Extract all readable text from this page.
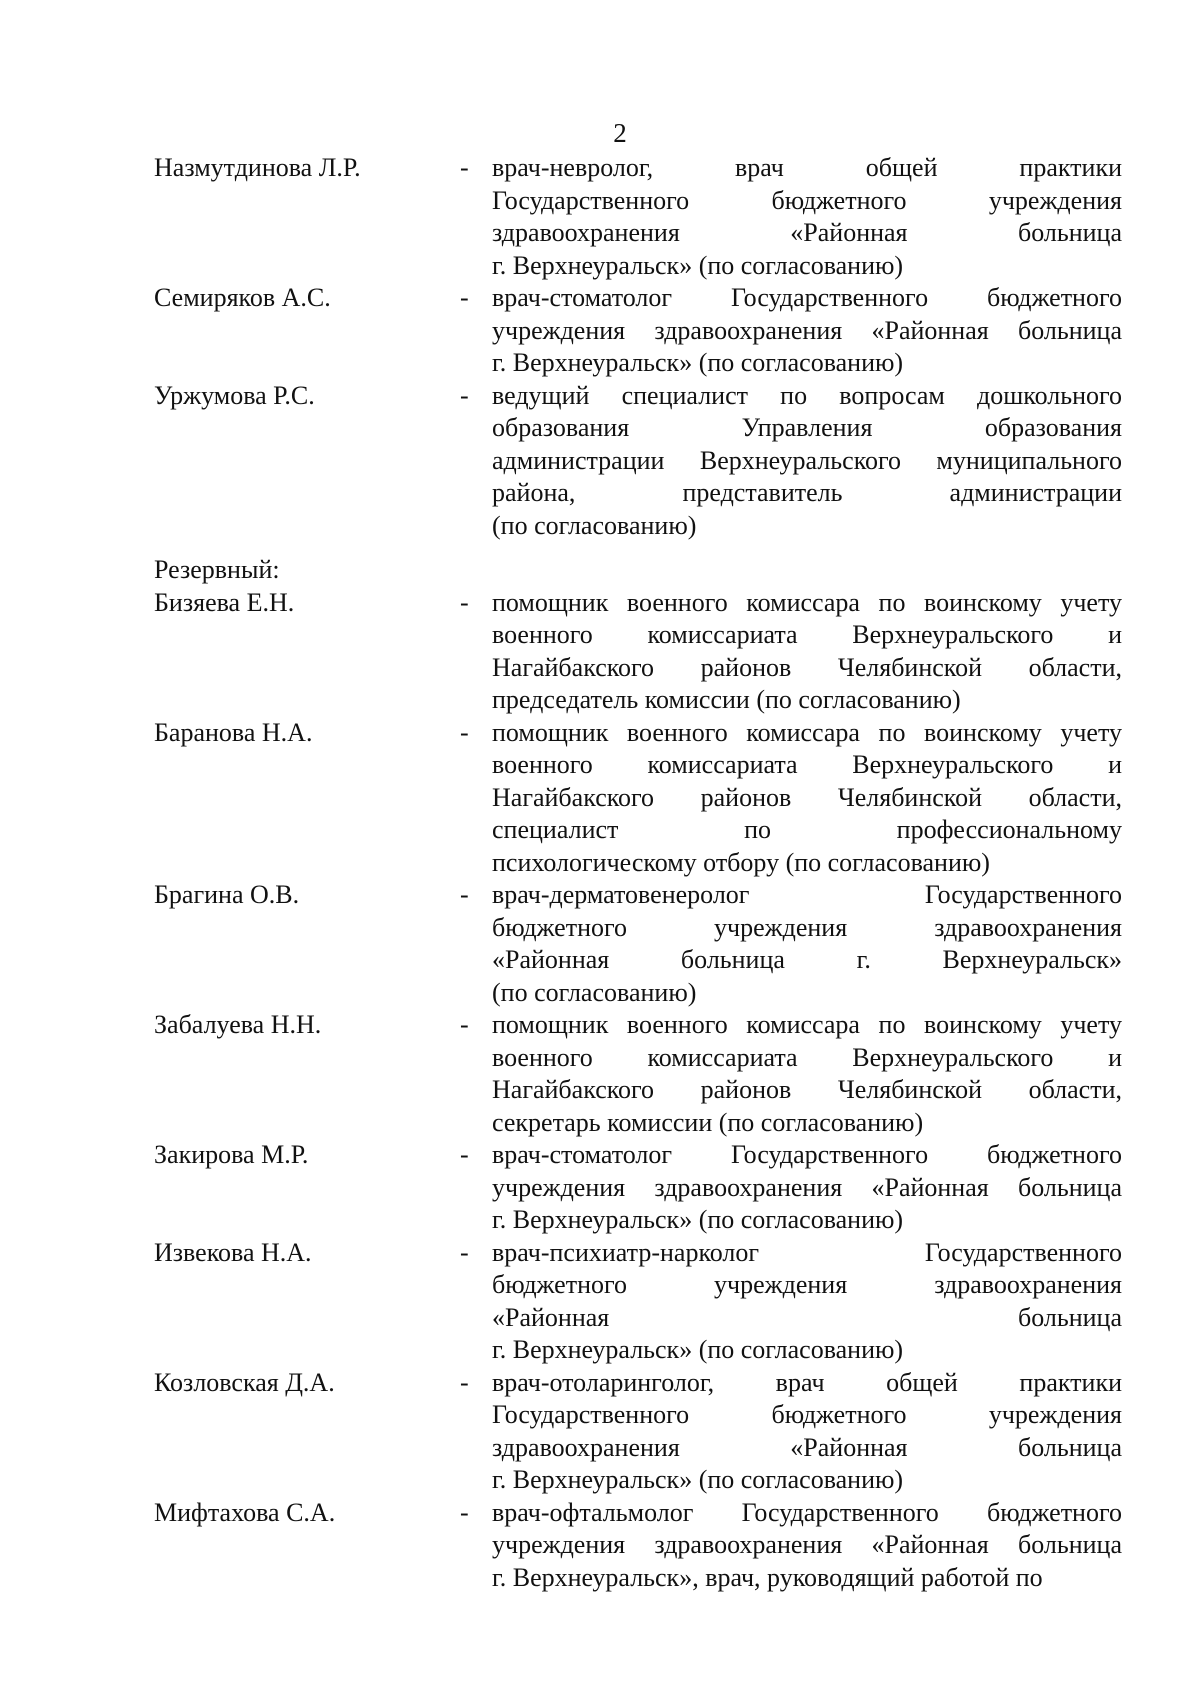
2
Назмутдинова Л.Р.	- врач-невролог, врач общей практики
Государственного бюджетного учреждения
здравоохранения «Районная больница
г. Верхнеуральск» (по согласованию)
Семиряков А.С.	- врач-стоматолог Государственного бюджетного
учреждения здравоохранения «Районная больница
г. Верхнеуральск» (по согласованию)
Уржумова Р.С.	- ведущий специалист по вопросам дошкольного
образования Управления образования
администрации Верхнеуральского муниципального
района, представитель администрации
(по согласованию)
Резервный:
Бизяева Е.Н.	- помощник военного комиссара по воинскому учету
военного комиссариата Верхнеуральского и
Нагайбакского районов Челябинской области,
председатель комиссии (по согласованию)
Баранова Н.А.	- помощник военного комиссара по воинскому учету
военного комиссариата Верхнеуральского и
Нагайбакского районов Челябинской области,
специалист по профессиональному
психологическому отбору (по согласованию)
Брагина О.В.	- врач-дерматовенеролог Государственного
бюджетного учреждения здравоохранения
«Районная больница г. Верхнеуральск»
(по согласованию)
Забалуева Н.Н.	- помощник военного комиссара по воинскому учету
военного комиссариата Верхнеуральского и
Нагайбакского районов Челябинской области,
секретарь комиссии (по согласованию)
Закирова М.Р.	- врач-стоматолог Государственного бюджетного
учреждения здравоохранения «Районная больница
г. Верхнеуральск» (по согласованию)
Извекова Н.А.	- врач-психиатр-нарколог Государственного
бюджетного учреждения здравоохранения
«Районная больница
г. Верхнеуральск» (по согласованию)
Козловская Д.А.	- врач-отоларинголог, врач общей практики
Государственного бюджетного учреждения
здравоохранения «Районная больница
г. Верхнеуральск» (по согласованию)
Мифтахова С.А.	- врач-офтальмолог Государственного бюджетного
учреждения здравоохранения «Районная больница
г. Верхнеуральск», врач, руководящий работой по
